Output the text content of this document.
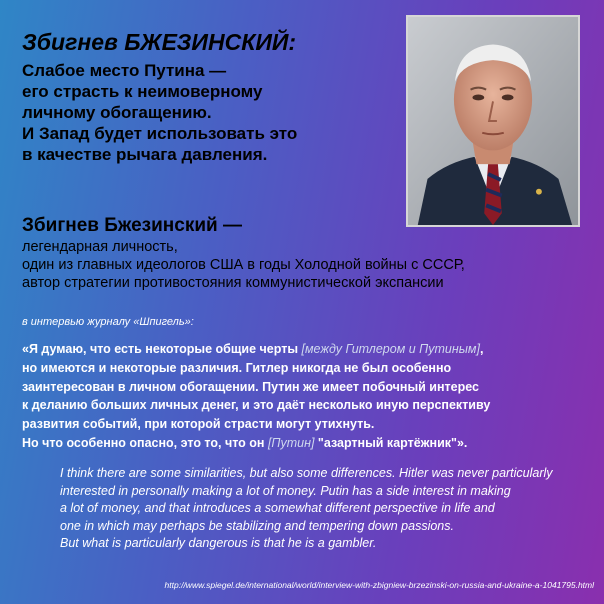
Збигнев БЖЕЗИНСКИЙ:
Слабое место Путина —
его страсть к неимоверному
личному обогащению.
И Запад будет использовать это
в качестве рычага давления.
Збигнев Бжезинский —
легендарная личность,
один из главных идеологов США в годы Холодной войны с СССР,
автор стратегии противостояния коммунистической экспансии
в интервью журналу «Шпигель»:
«Я думаю, что есть некоторые общие черты [между Гитлером и Путиным],
но имеются и некоторые различия. Гитлер никогда не был особенно
заинтересован в личном обогащении. Путин же имеет побочный интерес
к деланию больших личных денег, и это даёт несколько иную перспективу
развития событий, при которой страсти могут утихнуть.
Но что особенно опасно, это то, что он [Путин] "азартный картёжник"».
I think there are some similarities, but also some differences. Hitler was never particularly
interested in personally making a lot of money. Putin has a side interest in making
a lot of money, and that introduces a somewhat different perspective in life and
one in which may perhaps be stabilizing and tempering down passions.
But what is particularly dangerous is that he is a gambler.
http://www.spiegel.de/international/world/interview-with-zbigniew-brzezinski-on-russia-and-ukraine-a-1041795.html
